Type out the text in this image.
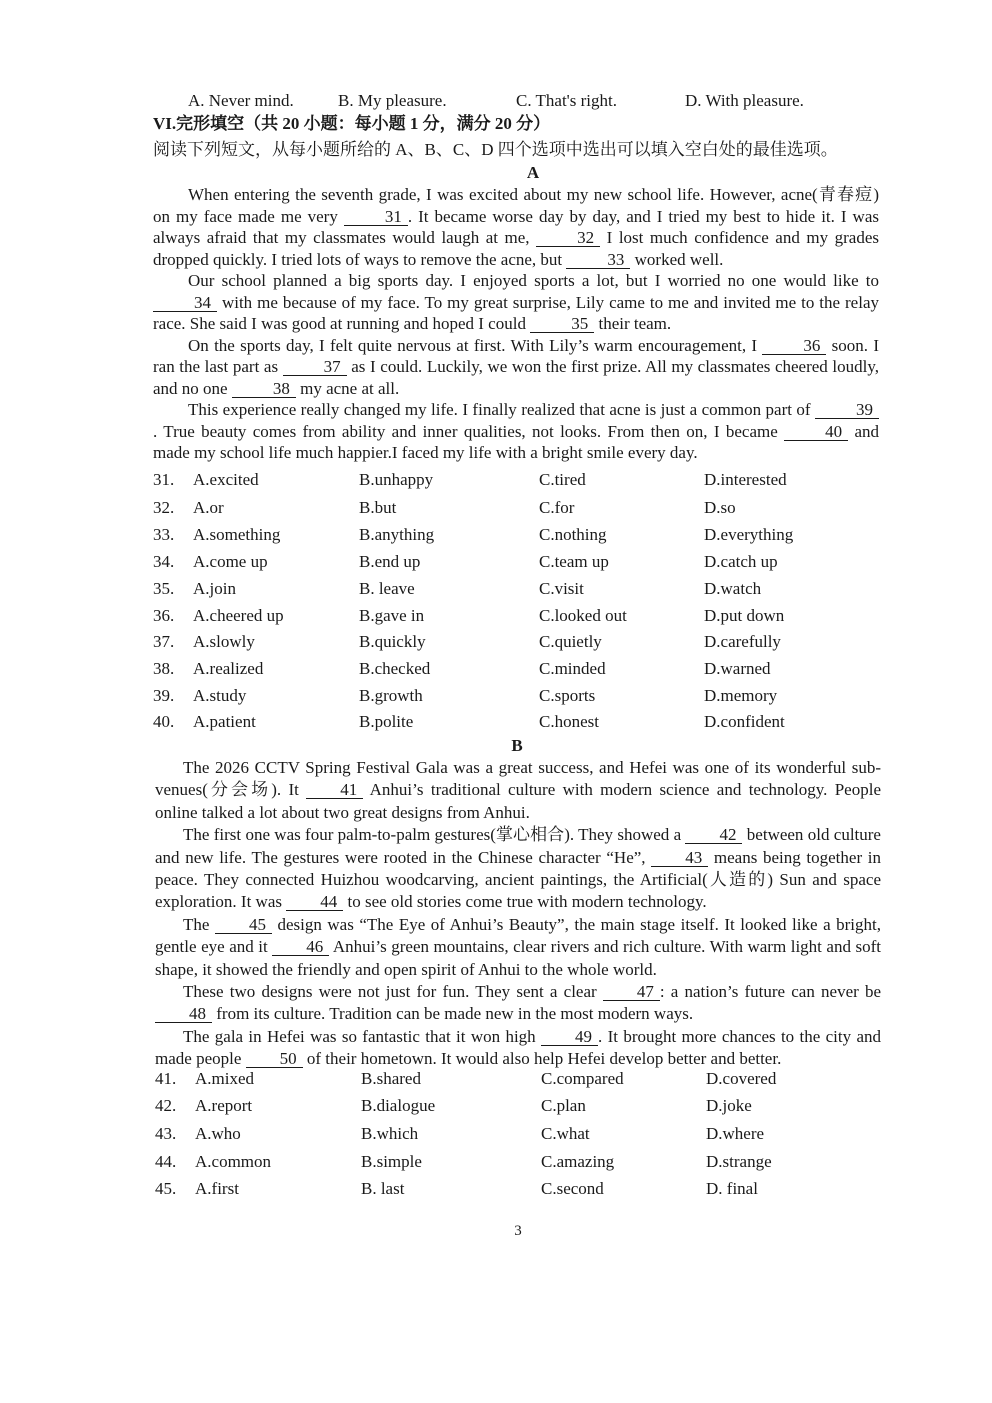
A. Never mind.	B. My pleasure.	C. That's right.	D. With pleasure.
VI.完形填空（共 20 小题：每小题 1 分，满分 20 分）
阅读下列短文，从每小题所给的 A、B、C、D 四个选项中选出可以填入空白处的最佳选项。
A

When entering the seventh grade, I was excited about my new school life. However, acne(青春痘) on my face made me very 31 . It became worse day by day, and I tried my best to hide it. I was always afraid that my classmates would laugh at me, 32 I lost much confidence and my grades dropped quickly. I tried lots of ways to remove the acne, but 33 worked well.

Our school planned a big sports day. I enjoyed sports a lot, but I worried no one would like to 34 with me because of my face. To my great surprise, Lily came to me and invited me to the relay race. She said I was good at running and hoped I could 35 their team.

On the sports day, I felt quite nervous at first. With Lily’s warm encouragement, I 36 soon. I ran the last part as 37 as I could. Luckily, we won the first prize. All my classmates cheered loudly, and no one 38 my acne at all.

This experience really changed my life. I finally realized that acne is just a common part of 39. True beauty comes from ability and inner qualities, not looks. From then on, I became 40 and made my school life much happier.I faced my life with a bright smile every day.

31. A.excited	B.unhappy	C.tired	D.interested
32. A.or	B.but	C.for	D.so
33. A.something	B.anything	C.nothing	D.everything
34. A.come up	B.end up	C.team up	D.catch up
35. A.join	B. leave	C.visit	D.watch
36. A.cheered up	B.gave in	C.looked out	D.put down
37. A.slowly	B.quickly	C.quietly	D.carefully
38. A.realized	B.checked	C.minded	D.warned
39. A.study	B.growth	C.sports	D.memory
40. A.patient	B.polite	C.honest	D.confident
B

The 2026 CCTV Spring Festival Gala was a great success, and Hefei was one of its wonderful sub-venues(分会场). It 41 Anhui’s traditional culture with modern science and technology. People online talked a lot about two great designs from Anhui.

The first one was four palm-to-palm gestures(掌心相合). They showed a 42 between old culture and new life. The gestures were rooted in the Chinese character “He”, 43 means being together in peace. They connected Huizhou woodcarving, ancient paintings, the Artificial(人造的) Sun and space exploration. It was 44 to see old stories come true with modern technology.

The 45 design was “The Eye of Anhui’s Beauty”, the main stage itself. It looked like a bright, gentle eye and it 46 Anhui’s green mountains, clear rivers and rich culture. With warm light and soft shape, it showed the friendly and open spirit of Anhui to the whole world.

These two designs were not just for fun. They sent a clear 47 : a nation’s future can never be 48 from its culture. Tradition can be made new in the most modern ways.

The gala in Hefei was so fantastic that it won high 49 . It brought more chances to the city and made people 50 of their hometown. It would also help Hefei develop better and better.

41. A.mixed	B.shared	C.compared	D.covered
42. A.report	B.dialogue	C.plan	D.joke
43. A.who	B.which	C.what	D.where
44. A.common	B.simple	C.amazing	D.strange
45. A.first	B. last	C.second	D. final
3
